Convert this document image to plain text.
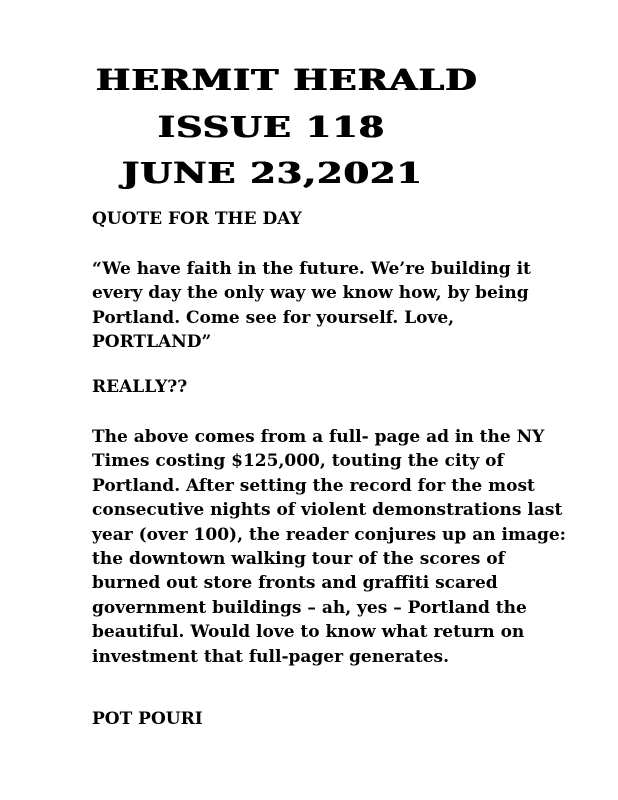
HERMIT HERALD
ISSUE 118
JUNE 23,2021
QUOTE FOR THE DAY
“We have faith in the future. We’re building it every day the only way we know how, by being Portland. Come see for yourself. Love, PORTLAND”
REALLY??
The above comes from a full- page ad in the NY Times costing $125,000, touting the city of Portland. After setting the record for the most consecutive nights of violent demonstrations last year (over 100), the reader conjures up an image: the downtown walking tour of the scores of burned out store fronts and graffiti scared government buildings – ah, yes – Portland the beautiful. Would love to know what return on investment that full-pager generates.
POT POURI
